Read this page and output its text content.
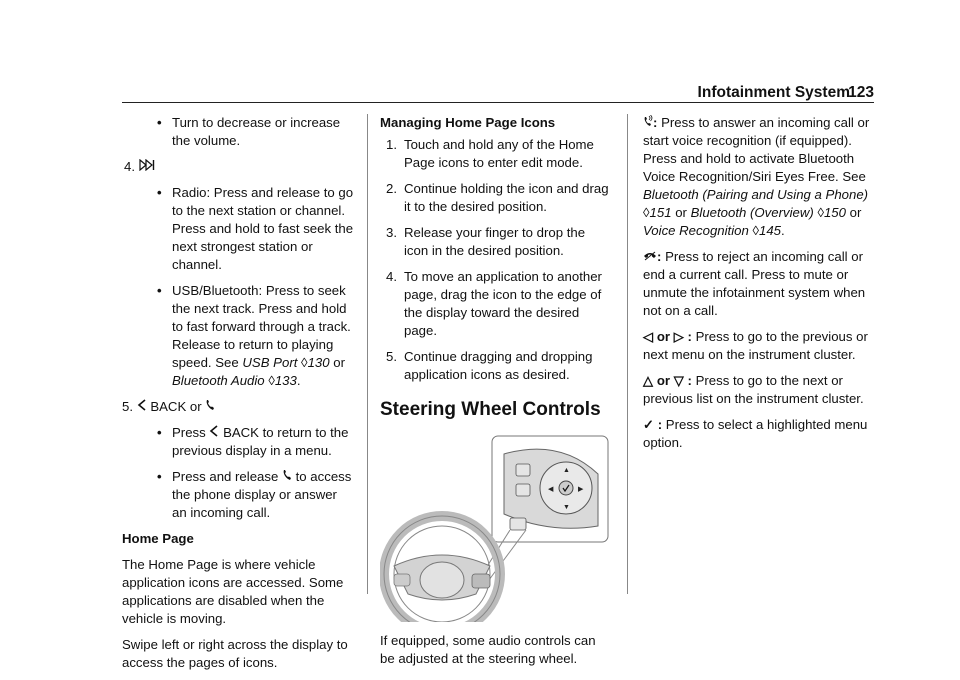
Infotainment System
123
• Turn to decrease or increase the volume.
4.
• Radio: Press and release to go to the next station or channel. Press and hold to fast seek the next strongest station or channel.
• USB/Bluetooth: Press to seek the next track. Press and hold to fast forward through a track. Release to return to playing speed. See USB Port ◊130 or
Bluetooth Audio ◊133.
5. BACK or
• Press BACK to return to the previous display in a menu.
• Press and release to access the phone display or answer an incoming call.

Home Page

The Home Page is where vehicle application icons are accessed. Some applications are disabled when the vehicle is moving.

Swipe left or right across the display to access the pages of icons.

Managing Home Page Icons

1. Touch and hold any of the Home Page icons to enter edit mode.
2. Continue holding the icon and drag it to the desired position.
3. Release your finger to drop the icon in the desired position.
4. To move an application to another page, drag the icon to the edge of the display toward the desired page.
5. Continue dragging and dropping application icons as desired.
Steering Wheel Controls
▲
▼
◀	▶

If equipped, some audio controls can be adjusted at the steering wheel.

: Press to answer an incoming call or start voice recognition (if equipped). Press and hold to activate Bluetooth Voice Recognition/Siri Eyes Free. See Bluetooth (Pairing and Using a Phone) ◊151 or Bluetooth (Overview) ◊150 or
Voice Recognition ◊145.

: Press to reject an incoming call or end a current call. Press to mute or unmute the infotainment system when not on a call.

◁ or ▷ : Press to go to the previous or next menu on the instrument cluster.

△ or ▽ : Press to go to the next or previous list on the instrument cluster.

✓ : Press to select a highlighted menu option.
